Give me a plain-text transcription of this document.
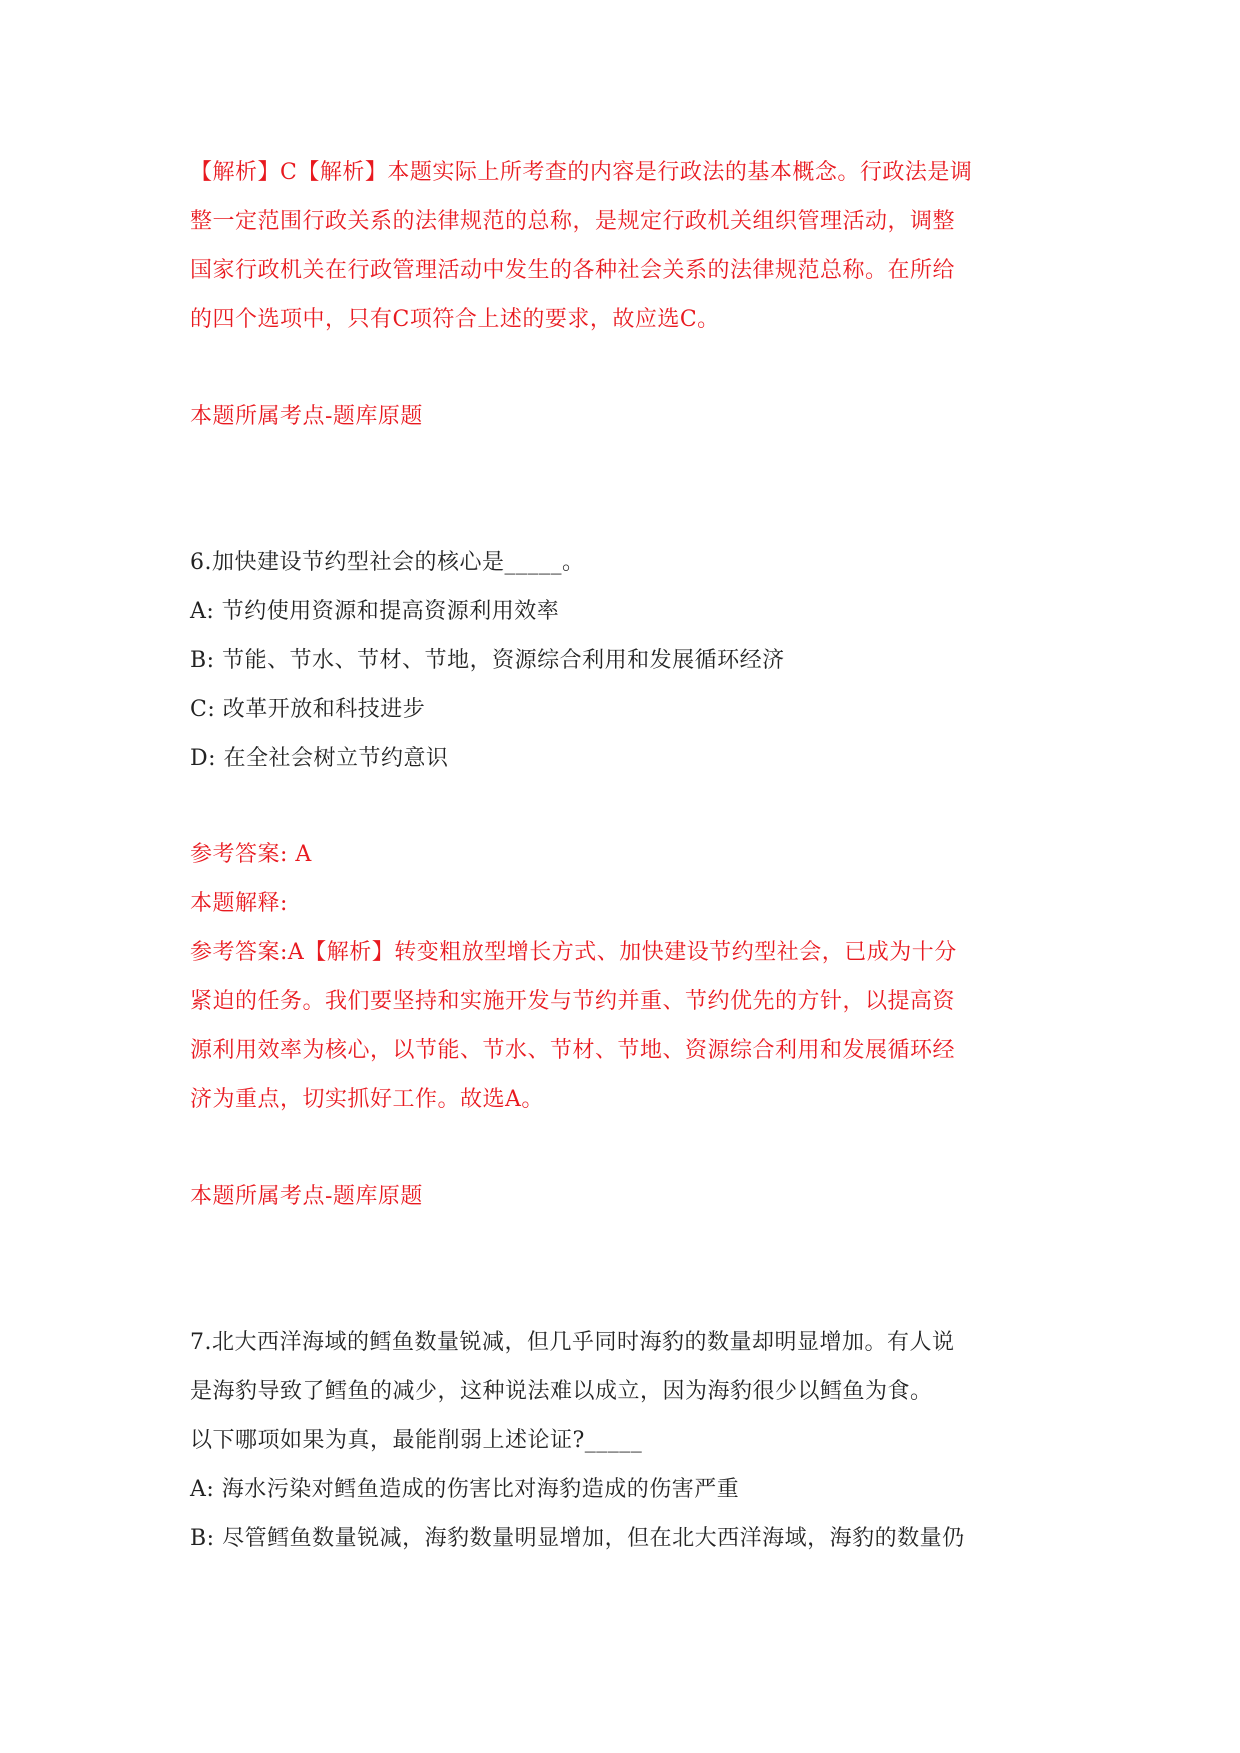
【解析】C【解析】本题实际上所考查的内容是行政法的基本概念。行政法是调
整一定范围行政关系的法律规范的总称，是规定行政机关组织管理活动，调整
国家行政机关在行政管理活动中发生的各种社会关系的法律规范总称。在所给
的四个选项中，只有C项符合上述的要求，故应选C。
本题所属考点-题库原题
6.加快建设节约型社会的核心是_____。
A: 节约使用资源和提高资源利用效率
B: 节能、节水、节材、节地，资源综合利用和发展循环经济
C: 改革开放和科技进步
D: 在全社会树立节约意识
参考答案: A
本题解释:
参考答案:A【解析】转变粗放型增长方式、加快建设节约型社会，已成为十分
紧迫的任务。我们要坚持和实施开发与节约并重、节约优先的方针，以提高资
源利用效率为核心，以节能、节水、节材、节地、资源综合利用和发展循环经
济为重点，切实抓好工作。故选A。
本题所属考点-题库原题
7.北大西洋海域的鳕鱼数量锐减，但几乎同时海豹的数量却明显增加。有人说
是海豹导致了鳕鱼的减少，这种说法难以成立，因为海豹很少以鳕鱼为食。
以下哪项如果为真，最能削弱上述论证?_____
A: 海水污染对鳕鱼造成的伤害比对海豹造成的伤害严重
B: 尽管鳕鱼数量锐减，海豹数量明显增加，但在北大西洋海域，海豹的数量仍
